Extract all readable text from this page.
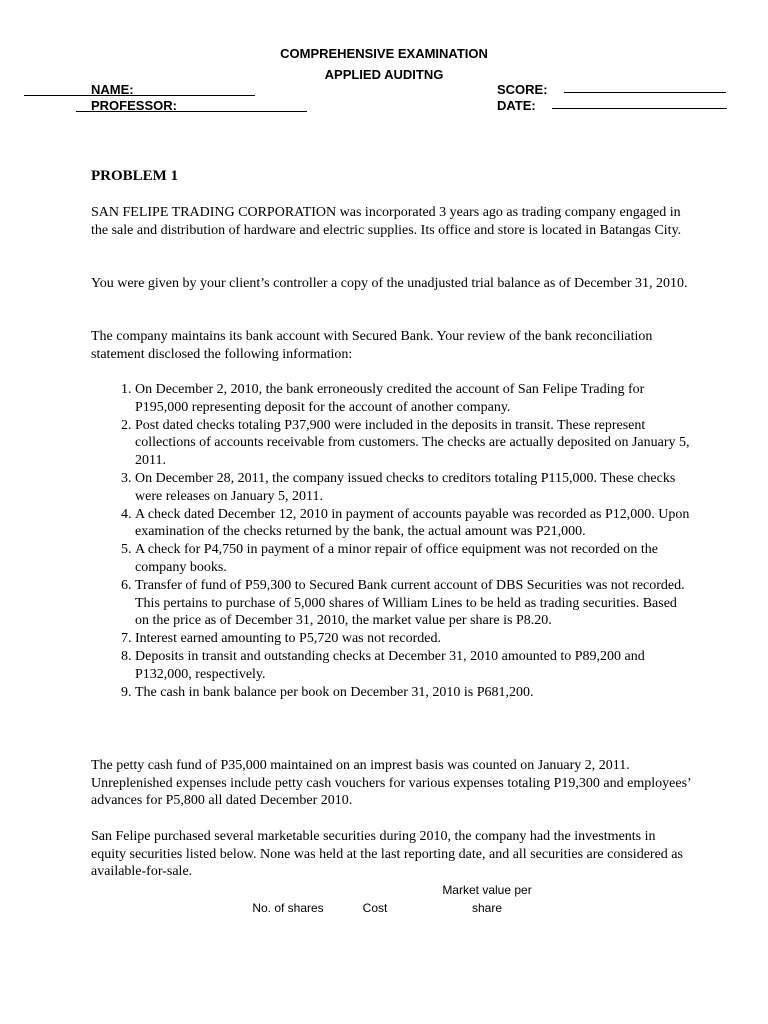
COMPREHENSIVE EXAMINATION
APPLIED AUDITNG
NAME:
PROFESSOR:
SCORE:
DATE:
PROBLEM 1

SAN FELIPE TRADING CORPORATION was incorporated 3 years ago as trading company engaged in the sale and distribution of hardware and electric supplies. Its office and store is located in Batangas City.

You were given by your client’s controller a copy of the unadjusted trial balance as of December 31, 2010.

The company maintains its bank account with Secured Bank. Your review of the bank reconciliation statement disclosed the following information:

1. On December 2, 2010, the bank erroneously credited the account of San Felipe Trading for P195,000 representing deposit for the account of another company.
2. Post dated checks totaling P37,900 were included in the deposits in transit. These represent collections of accounts receivable from customers. The checks are actually deposited on January 5, 2011.
3. On December 28, 2011, the company issued checks to creditors totaling P115,000. These checks were releases on January 5, 2011.
4. A check dated December 12, 2010 in payment of accounts payable was recorded as P12,000. Upon examination of the checks returned by the bank, the actual amount was P21,000.
5. A check for P4,750 in payment of a minor repair of office equipment was not recorded on the company books.
6. Transfer of fund of P59,300 to Secured Bank current account of DBS Securities was not recorded. This pertains to purchase of 5,000 shares of William Lines to be held as trading securities. Based on the price as of December 31, 2010, the market value per share is P8.20.
7. Interest earned amounting to P5,720 was not recorded.
8. Deposits in transit and outstanding checks at December 31, 2010 amounted to P89,200 and P132,000, respectively.
9. The cash in bank balance per book on December 31, 2010 is P681,200.

The petty cash fund of P35,000 maintained on an imprest basis was counted on January 2, 2011. Unreplenished expenses include petty cash vouchers for various expenses totaling P19,300 and employees’ advances for P5,800 all dated December 2010.

San Felipe purchased several marketable securities during 2010, the company had the investments in equity securities listed below. None was held at the last reporting date, and all securities are considered as available-for-sale.

Market value per
No. of shares	Cost	share
